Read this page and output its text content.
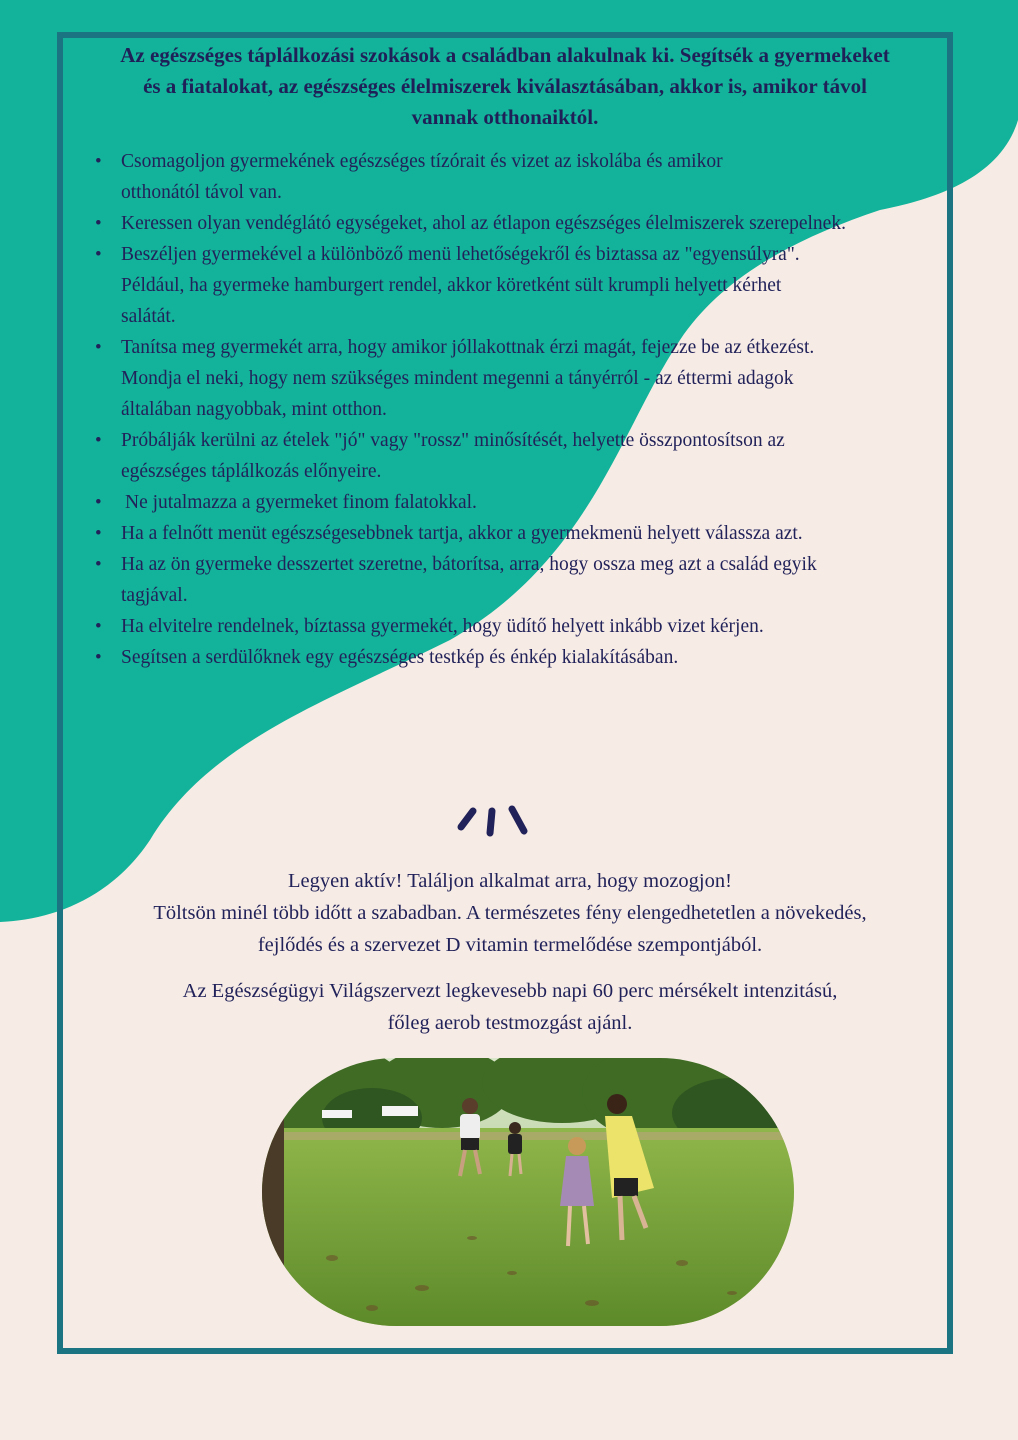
Az egészséges táplálkozási szokások a családban alakulnak ki. Segítsék a gyermekeket
és a fiatalokat, az egészséges élelmiszerek kiválasztásában, akkor is, amikor távol
vannak otthonaiktól.

• Csomagoljon gyermekének egészséges tízórait és vizet az iskolába és amikor
otthonától távol van.
• Keressen olyan vendéglátó egységeket, ahol az étlapon egészséges élelmiszerek szerepelnek.
• Beszéljen gyermekével a különböző menü lehetőségekről és biztassa az "egyensúlyra".
Például, ha gyermeke hamburgert rendel, akkor köretként sült krumpli helyett kérhet
salátát.
• Tanítsa meg gyermekét arra, hogy amikor jóllakottnak érzi magát, fejezze be az étkezést.
Mondja el neki, hogy nem szükséges mindent megenni a tányérról - az éttermi adagok
általában nagyobbak, mint otthon.
• Próbálják kerülni az ételek "jó" vagy "rossz" minősítését, helyette összpontosítson az
egészséges táplálkozás előnyeire.
• Ne jutalmazza a gyermeket finom falatokkal.
• Ha a felnőtt menüt egészségesebbnek tartja, akkor a gyermekmenü helyett válassza azt.
• Ha az ön gyermeke desszertet szeretne, bátorítsa, arra, hogy ossza meg azt a család egyik
tagjával.
• Ha elvitelre rendelnek, bíztassa gyermekét, hogy üdítő helyett inkább vizet kérjen.
• Segítsen a serdülőknek egy egészséges testkép és énkép kialakításában.

Legyen aktív! Találjon alkalmat arra, hogy mozogjon!
Töltsön minél több időtt a szabadban. A természetes fény elengedhetetlen a növekedés,
fejlődés és a szervezet D vitamin termelődése szempontjából.

Az Egészségügyi Világszervezt legkevesebb napi 60 perc mérsékelt intenzitású,
főleg aerob testmozgást ajánl.
